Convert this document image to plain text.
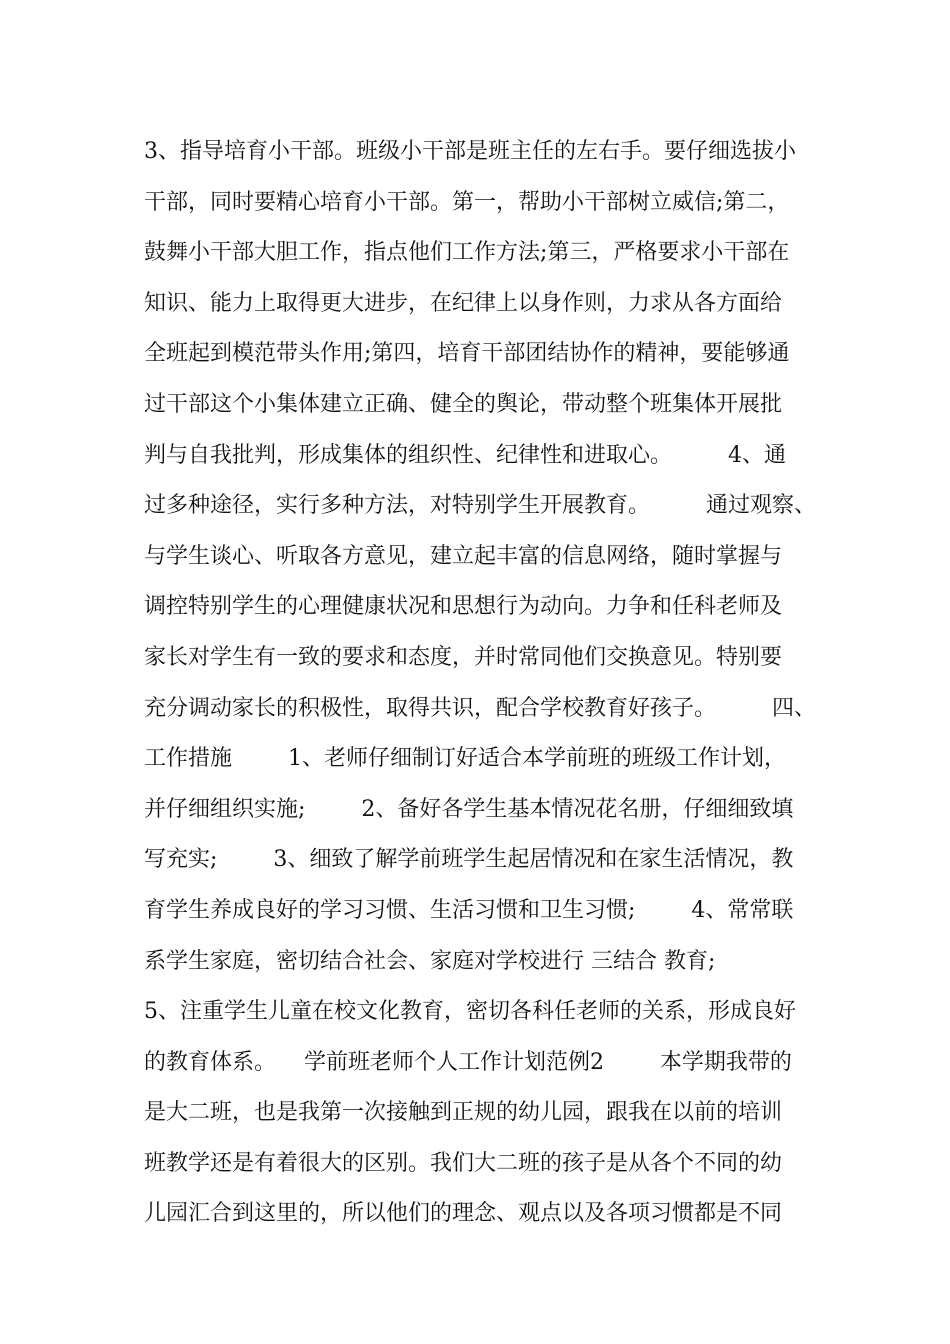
3、指导培育小干部。班级小干部是班主任的左右手。要仔细选拔小
干部，同时要精心培育小干部。第一，帮助小干部树立威信;第二，
鼓舞小干部大胆工作，指点他们工作方法;第三，严格要求小干部在
知识、能力上取得更大进步，在纪律上以身作则，力求从各方面给
全班起到模范带头作用;第四，培育干部团结协作的精神，要能够通
过干部这个小集体建立正确、健全的舆论，带动整个班集体开展批
判与自我批判，形成集体的组织性、纪律性和进取心。        4、通
过多种途径，实行多种方法，对特别学生开展教育。        通过观察、
与学生谈心、听取各方意见，建立起丰富的信息网络，随时掌握与
调控特别学生的心理健康状况和思想行为动向。力争和任科老师及
家长对学生有一致的要求和态度，并时常同他们交换意见。特别要
充分调动家长的积极性，取得共识，配合学校教育好孩子。        四、
工作措施        1、老师仔细制订好适合本学前班的班级工作计划，
并仔细组织实施;        2、备好各学生基本情况花名册，仔细细致填
写充实;        3、细致了解学前班学生起居情况和在家生活情况，教
育学生养成良好的学习习惯、生活习惯和卫生习惯;        4、常常联
系学生家庭，密切结合社会、家庭对学校进行 三结合 教育;
5、注重学生儿童在校文化教育，密切各科任老师的关系，形成良好
的教育体系。    学前班老师个人工作计划范例2        本学期我带的
是大二班，也是我第一次接触到正规的幼儿园，跟我在以前的培训
班教学还是有着很大的区别。我们大二班的孩子是从各个不同的幼
儿园汇合到这里的，所以他们的理念、观点以及各项习惯都是不同
